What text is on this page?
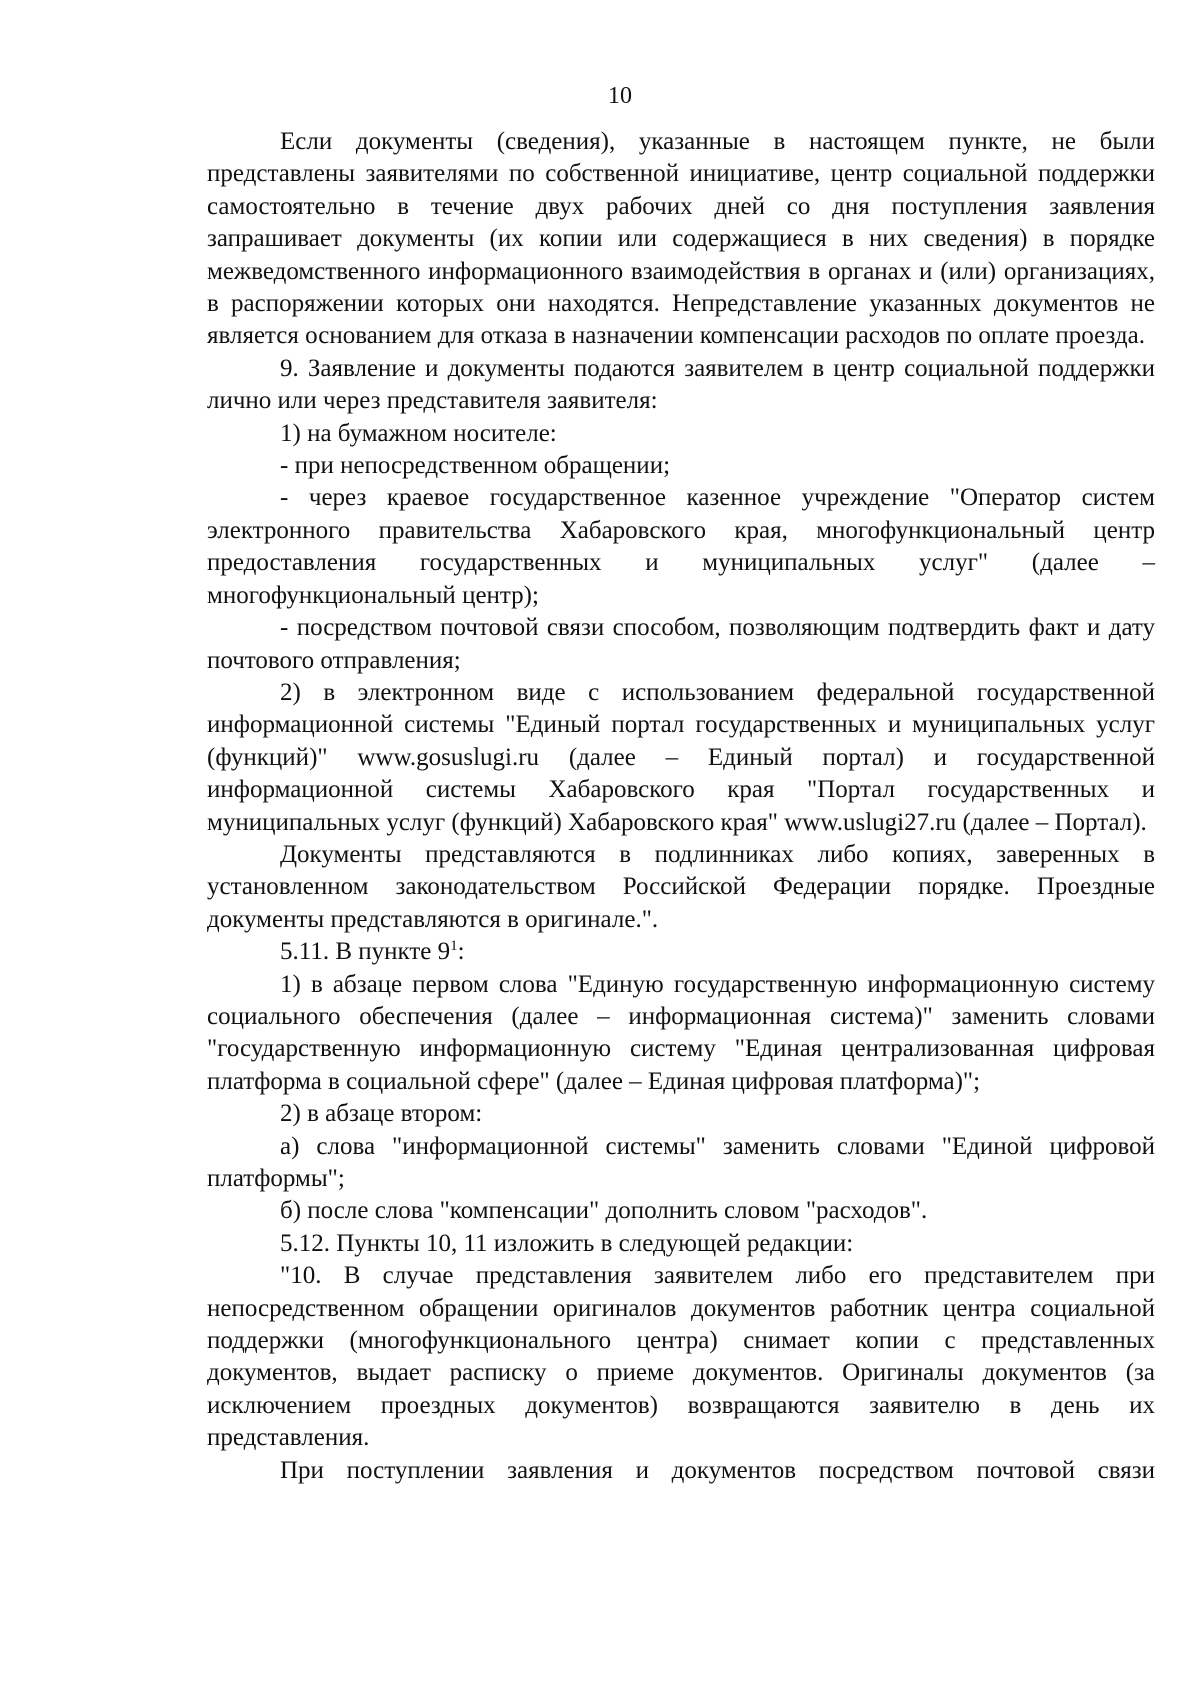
10

Если документы (сведения), указанные в настоящем пункте, не были представлены заявителями по собственной инициативе, центр социальной поддержки самостоятельно в течение двух рабочих дней со дня поступления заявления запрашивает документы (их копии или содержащиеся в них сведения) в порядке межведомственного информационного взаимодействия в органах и (или) организациях, в распоряжении которых они находятся. Непредставление указанных документов не является основанием для отказа в назначении компенсации расходов по оплате проезда.

9. Заявление и документы подаются заявителем в центр социальной поддержки лично или через представителя заявителя:

1) на бумажном носителе:

- при непосредственном обращении;

- через краевое государственное казенное учреждение "Оператор систем электронного правительства Хабаровского края, многофункциональный центр предоставления государственных и муниципальных услуг" (далее – многофункциональный центр);

- посредством почтовой связи способом, позволяющим подтвердить факт и дату почтового отправления;

2) в электронном виде с использованием федеральной государственной информационной системы "Единый портал государственных и муниципальных услуг (функций)" www.gosuslugi.ru (далее – Единый портал) и государственной информационной системы Хабаровского края "Портал государственных и муниципальных услуг (функций) Хабаровского края" www.uslugi27.ru (далее – Портал).

Документы представляются в подлинниках либо копиях, заверенных в установленном законодательством Российской Федерации порядке. Проездные документы представляются в оригинале.".

5.11. В пункте $9^1$:

1) в абзаце первом слова "Единую государственную информационную систему социального обеспечения (далее – информационная система)" заменить словами "государственную информационную систему "Единая централизованная цифровая платформа в социальной сфере" (далее – Единая цифровая платформа)";

2) в абзаце втором:

а) слова "информационной системы" заменить словами "Единой цифровой платформы";

б) после слова "компенсации" дополнить словом "расходов".

5.12. Пункты 10, 11 изложить в следующей редакции:

"10. В случае представления заявителем либо его представителем при непосредственном обращении оригиналов документов работник центра социальной поддержки (многофункционального центра) снимает копии с представленных документов, выдает расписку о приеме документов. Оригиналы документов (за исключением проездных документов) возвращаются заявителю в день их представления.

При поступлении заявления и документов посредством почтовой связи
